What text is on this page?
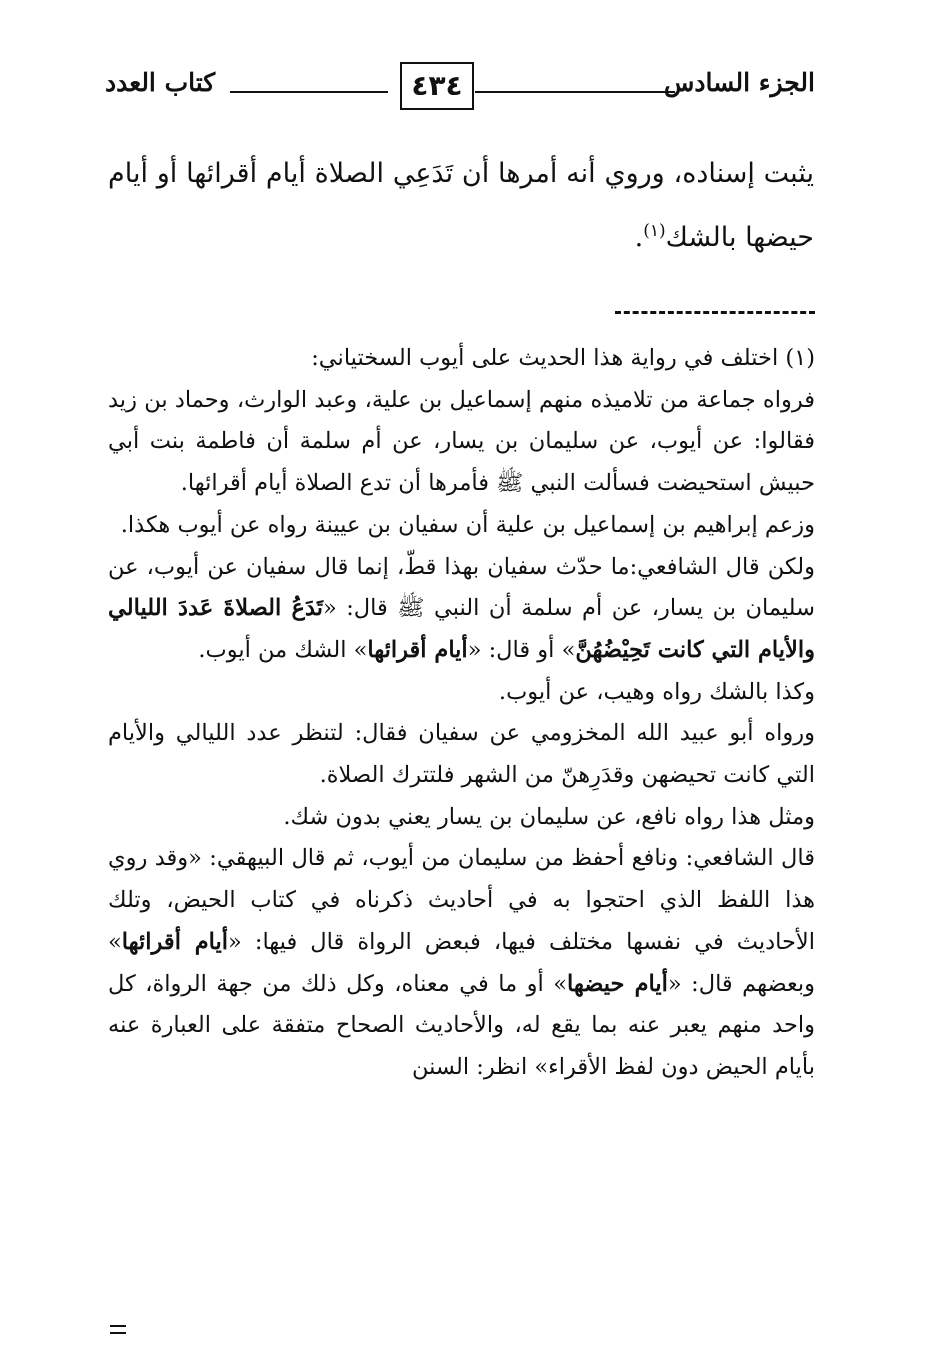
الجزء السادس
٤٣٤
كتاب العدد
يثبت إسناده، وروي أنه أمرها أن تَدَعِي الصلاة أيام أقرائها أو أيام حيضها بالشك$^{(١)}$.

(١) اختلف في رواية هذا الحديث على أيوب السختياني:

فرواه جماعة من تلاميذه منهم إسماعيل بن علية، وعبد الوارث، وحماد بن زيد فقالوا: عن أيوب، عن سليمان بن يسار، عن أم سلمة أن فاطمة بنت أبي حبيش استحيضت فسألت النبي ﷺ فأمرها أن تدع الصلاة أيام أقرائها.

وزعم إبراهيم بن إسماعيل بن علية أن سفيان بن عيينة رواه عن أيوب هكذا.

ولكن قال الشافعي:ما حدّث سفيان بهذا قطّ، إنما قال سفيان عن أيوب، عن سليمان بن يسار، عن أم سلمة أن النبي ﷺ قال: «تَدَعُ الصلاةَ عَددَ الليالي والأيام التي كانت تَحِيْضُهُنَّ» أو قال: «أيام أقرائها» الشك من أيوب.

وكذا بالشك رواه وهيب، عن أيوب.

ورواه أبو عبيد الله المخزومي عن سفيان فقال: لتنظر عدد الليالي والأيام التي كانت تحيضهن وقدَرِهنّ من الشهر فلتترك الصلاة.

ومثل هذا رواه نافع، عن سليمان بن يسار يعني بدون شك.

قال الشافعي: ونافع أحفظ من سليمان من أيوب، ثم قال البيهقي: «وقد روي هذا اللفظ الذي احتجوا به في أحاديث ذكرناه في كتاب الحيض، وتلك الأحاديث في نفسها مختلف فيها، فبعض الرواة قال فيها: «أيام أقرائها» وبعضهم قال: «أيام حيضها» أو ما في معناه، وكل ذلك من جهة الرواة، كل واحد منهم يعبر عنه بما يقع له، والأحاديث الصحاح متفقة على العبارة عنه بأيام الحيض دون لفظ الأقراء» انظر: السنن
